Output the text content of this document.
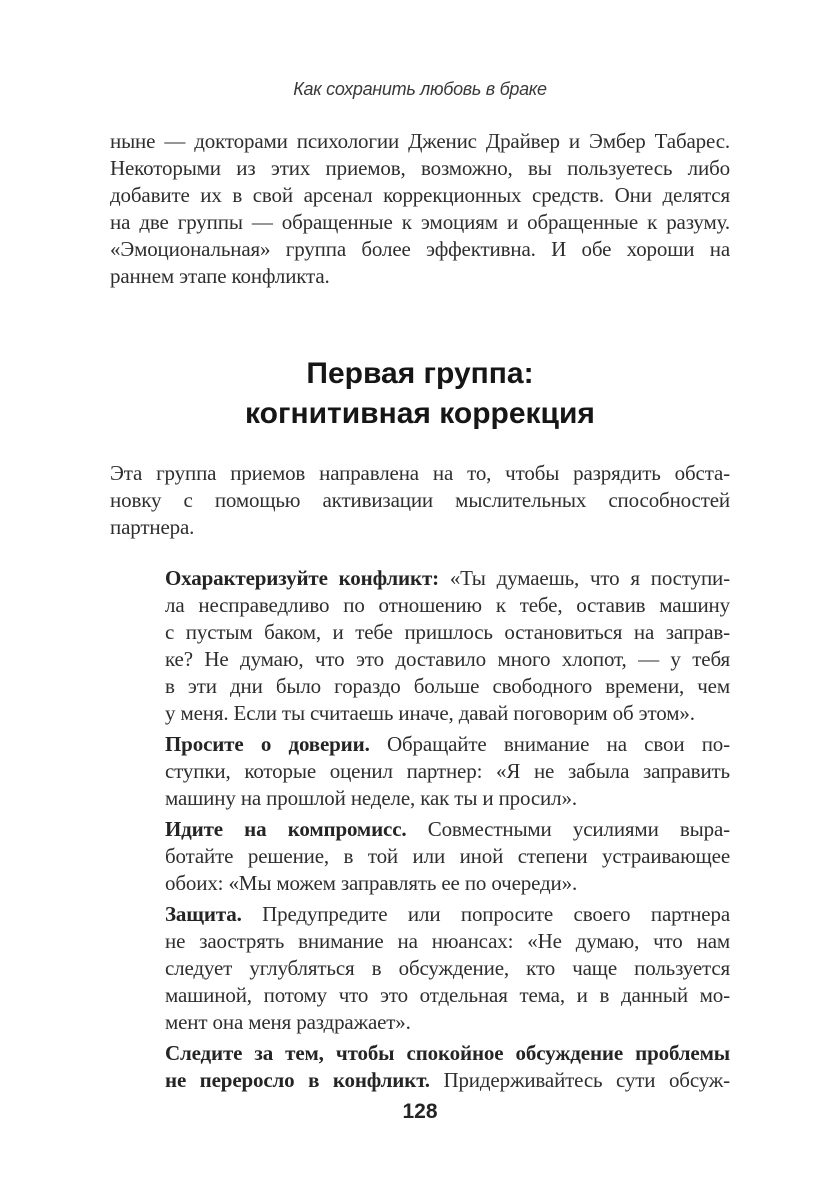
Как сохранить любовь в браке
ныне — докторами психологии Дженис Драйвер и Эмбер Табарес.
Некоторыми из этих приемов, возможно, вы пользуетесь либо
добавите их в свой арсенал коррекционных средств. Они делятся
на две группы — обращенные к эмоциям и обращенные к разуму.
«Эмоциональная» группа более эффективна. И обе хороши на
раннем этапе конфликта.
Первая группа:
когнитивная коррекция
Эта группа приемов направлена на то, чтобы разрядить обста-
новку с помощью активизации мыслительных способностей
партнера.
Охарактеризуйте конфликт: «Ты думаешь, что я поступи-
ла несправедливо по отношению к тебе, оставив машину
с пустым баком, и тебе пришлось остановиться на заправ-
ке? Не думаю, что это доставило много хлопот, — у тебя
в эти дни было гораздо больше свободного времени, чем
у меня. Если ты считаешь иначе, давай поговорим об этом».
Просите о доверии. Обращайте внимание на свои по-
ступки, которые оценил партнер: «Я не забыла заправить
машину на прошлой неделе, как ты и просил».
Идите на компромисс. Совместными усилиями выра-
ботайте решение, в той или иной степени устраивающее
обоих: «Мы можем заправлять ее по очереди».
Защита. Предупредите или попросите своего партнера
не заострять внимание на нюансах: «Не думаю, что нам
следует углубляться в обсуждение, кто чаще пользуется
машиной, потому что это отдельная тема, и в данный мо-
мент она меня раздражает».
Следите за тем, чтобы спокойное обсуждение проблемы
не переросло в конфликт. Придерживайтесь сути обсуж-
128
